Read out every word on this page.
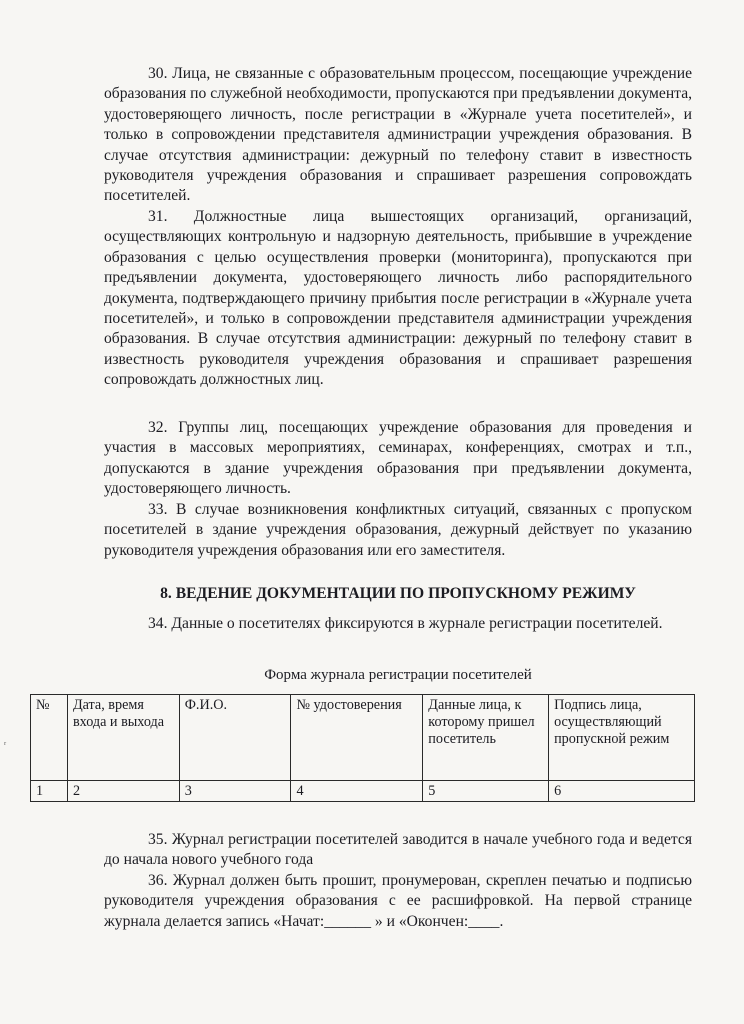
30. Лица, не связанные с образовательным процессом, посещающие учреждение образования по служебной необходимости, пропускаются при предъявлении документа, удостоверяющего личность, после регистрации в «Журнале учета посетителей», и только в сопровождении представителя администрации учреждения образования. В случае отсутствия администрации: дежурный по телефону ставит в известность руководителя учреждения образования и спрашивает разрешения сопровождать посетителей.

31. Должностные лица вышестоящих организаций, организаций, осуществляющих контрольную и надзорную деятельность, прибывшие в учреждение образования с целью осуществления проверки (мониторинга), пропускаются при предъявлении документа, удостоверяющего личность либо распорядительного документа, подтверждающего причину прибытия после регистрации в «Журнале учета посетителей», и только в сопровождении представителя администрации учреждения образования. В случае отсутствия администрации: дежурный по телефону ставит в известность руководителя учреждения образования и спрашивает разрешения сопровождать должностных лиц.

32. Группы лиц, посещающих учреждение образования для проведения и участия в массовых мероприятиях, семинарах, конференциях, смотрах и т.п., допускаются в здание учреждения образования при предъявлении документа, удостоверяющего личность.

33. В случае возникновения конфликтных ситуаций, связанных с пропуском посетителей в здание учреждения образования, дежурный действует по указанию руководителя учреждения образования или его заместителя.

8. ВЕДЕНИЕ ДОКУМЕНТАЦИИ ПО ПРОПУСКНОМУ РЕЖИМУ

34. Данные о посетителях фиксируются в журнале регистрации посетителей.

Форма журнала регистрации посетителей
№	Дата, время входа и выхода	Ф.И.О.	№ удостоверения	Данные лица, к которому пришел посетитель	Подпись лица, осуществляющий пропускной режим
1	2	3	4	5	6

35. Журнал регистрации посетителей заводится в начале учебного года и ведется до начала нового учебного года

36. Журнал должен быть прошит, пронумерован, скреплен печатью и подписью руководителя учреждения образования с ее расшифровкой. На первой странице журнала делается запись «Начат:______ » и «Окончен:____.

ᵣ
